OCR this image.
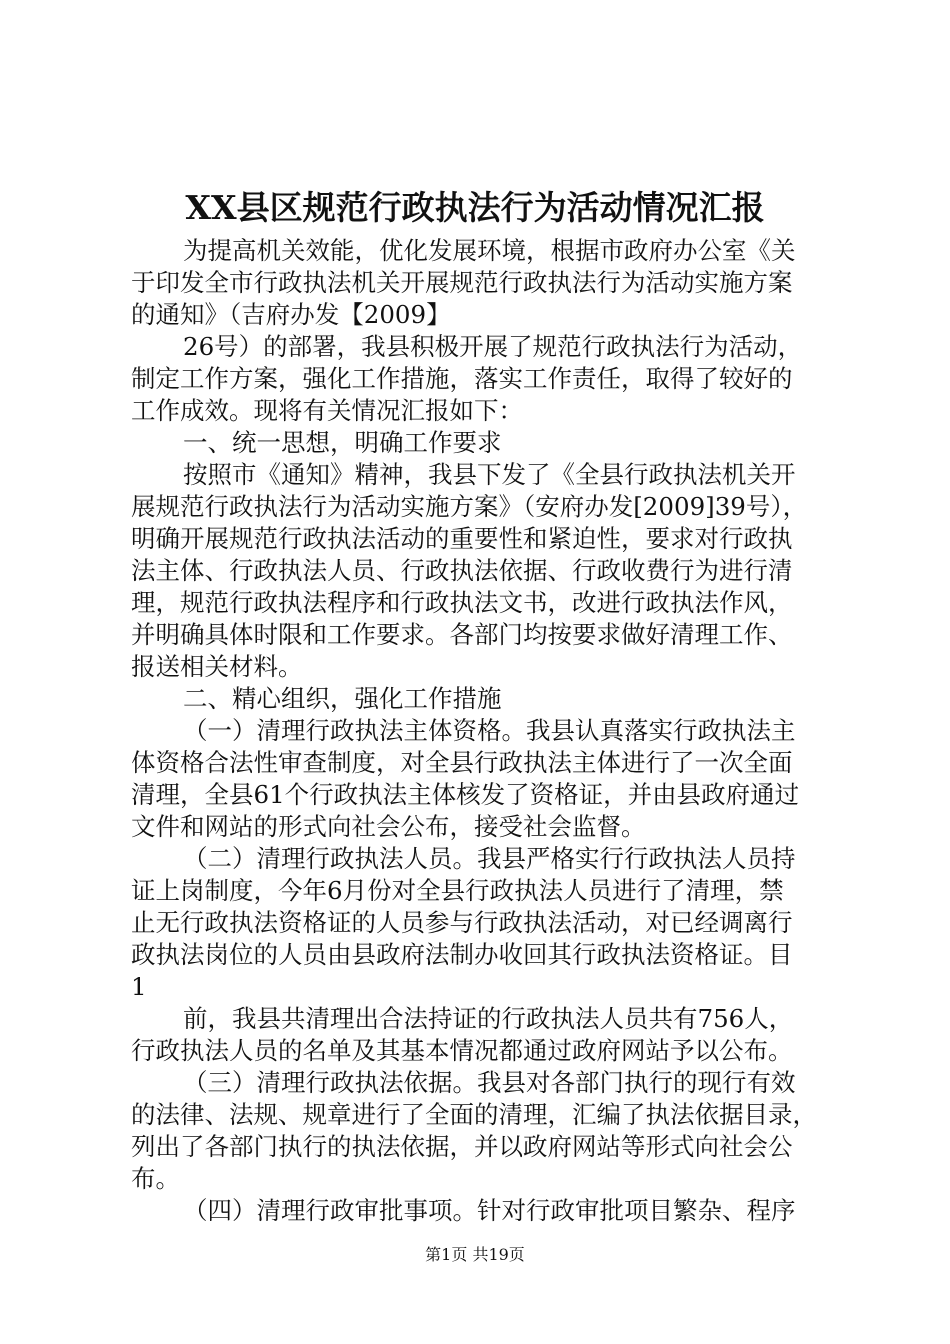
XX县区规范行政执法行为活动情况汇报
为提高机关效能，优化发展环境，根据市政府办公室《关
于印发全市行政执法机关开展规范行政执法行为活动实施方案
的通知》（吉府办发【2009】
26号）的部署，我县积极开展了规范行政执法行为活动，
制定工作方案，强化工作措施，落实工作责任，取得了较好的
工作成效。现将有关情况汇报如下：
一、统一思想，明确工作要求
按照市《通知》精神，我县下发了《全县行政执法机关开
展规范行政执法行为活动实施方案》（安府办发[2009]39号），
明确开展规范行政执法活动的重要性和紧迫性，要求对行政执
法主体、行政执法人员、行政执法依据、行政收费行为进行清
理，规范行政执法程序和行政执法文书，改进行政执法作风，
并明确具体时限和工作要求。各部门均按要求做好清理工作、
报送相关材料。
二、精心组织，强化工作措施
（一）清理行政执法主体资格。我县认真落实行政执法主
体资格合法性审查制度，对全县行政执法主体进行了一次全面
清理，全县61个行政执法主体核发了资格证，并由县政府通过
文件和网站的形式向社会公布，接受社会监督。
（二）清理行政执法人员。我县严格实行行政执法人员持
证上岗制度，今年6月份对全县行政执法人员进行了清理，禁
止无行政执法资格证的人员参与行政执法活动，对已经调离行
政执法岗位的人员由县政府法制办收回其行政执法资格证。目
1
前，我县共清理出合法持证的行政执法人员共有756人，
行政执法人员的名单及其基本情况都通过政府网站予以公布。
（三）清理行政执法依据。我县对各部门执行的现行有效
的法律、法规、规章进行了全面的清理，汇编了执法依据目录，
列出了各部门执行的执法依据，并以政府网站等形式向社会公
布。
（四）清理行政审批事项。针对行政审批项目繁杂、程序
第1页 共19页
